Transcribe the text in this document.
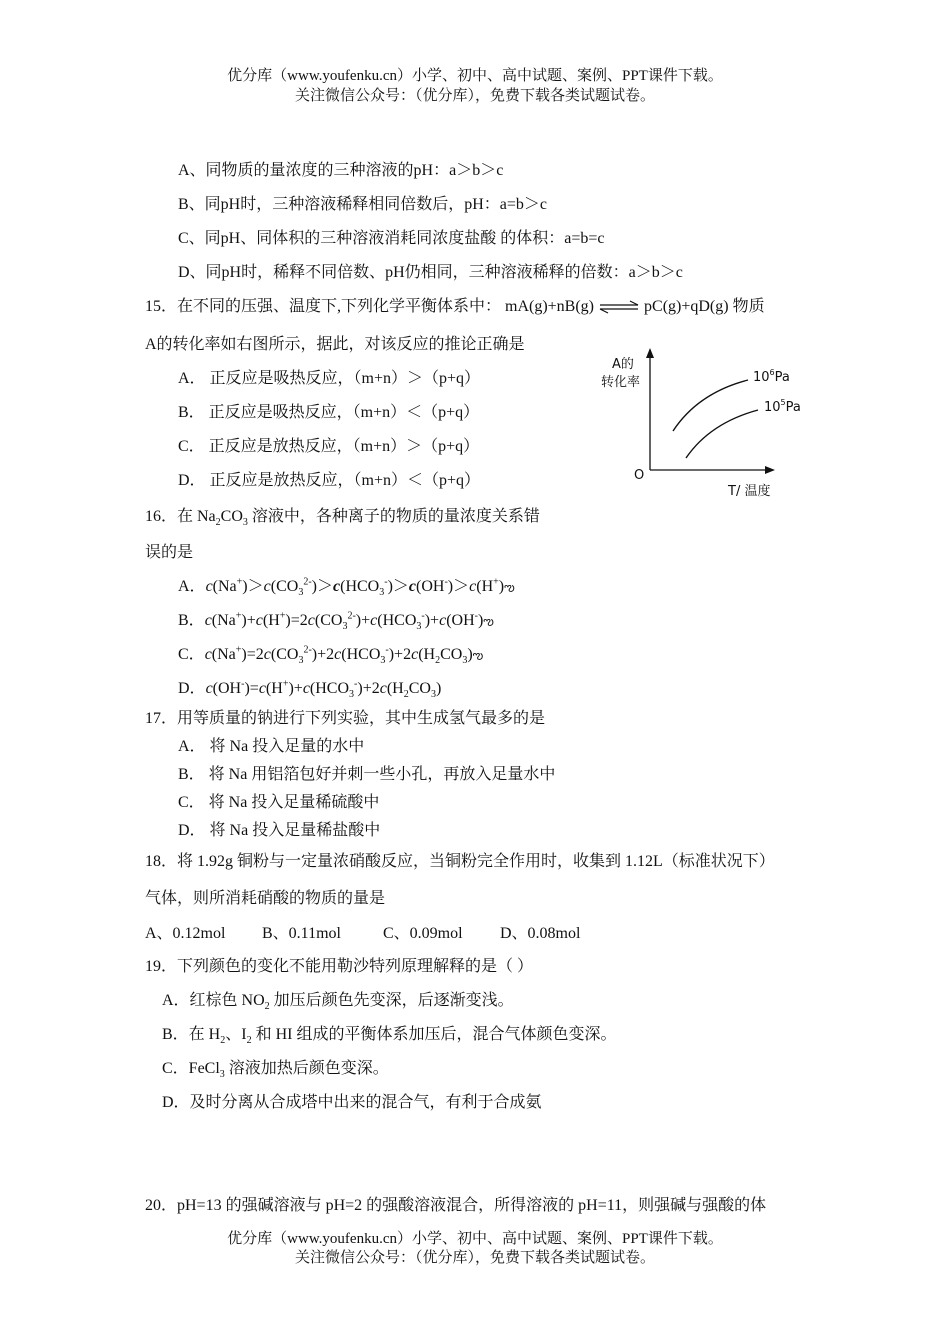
优分库（www.youfenku.cn）小学、初中、高中试题、案例、PPT课件下载。
关注微信公众号：（优分库），免费下载各类试题试卷。
A、同物质的量浓度的三种溶液的pH：a＞b＞c
B、同pH时，三种溶液稀释相同倍数后，pH：a=b＞c
C、同pH、同体积的三种溶液消耗同浓度盐酸 的体积：a=b=c
D、同pH时，稀释不同倍数、pH仍相同，三种溶液稀释的倍数：a＞b＞c
15．在不同的压强、温度下,下列化学平衡体系中： mA(g)+nB(g) ⇌ pC(g)+qD(g) 物质
A的转化率如右图所示，据此，对该反应的推论正确是
A． 正反应是吸热反应，（m+n）＞（p+q）
B． 正反应是吸热反应，（m+n）＜（p+q）
C． 正反应是放热反应，（m+n）＞（p+q）
D． 正反应是放热反应，（m+n）＜（p+q）
A的
转化率	$10^6Pa$
$10^5Pa$
O
T/ 温度
16．在 $Na_2CO_3$ 溶液中，各种离子的物质的量浓度关系错
误的是
A．$c(Na^+)>c(CO_3^{2-})>c(HCO_3^-)>c(OH^-)>c(H^+)ఌ$
B．$c(Na^+)+c(H^+)=2c(CO_3^{2-})+c(HCO_3^-)+c(OH^-)ఌ$
C．$c(Na^+)=2c(CO_3^{2-})+2c(HCO_3^-)+2c(H_2CO_3)ఌ$
D．$c(OH^-)=c(H^+)+c(HCO_3^-)+2c(H_2CO_3)$
17．用等质量的钠进行下列实验，其中生成氢气最多的是
A． 将 Na 投入足量的水中
B． 将 Na 用铝箔包好并刺一些小孔，再放入足量水中
C． 将 Na 投入足量稀硫酸中
D． 将 Na 投入足量稀盐酸中
18．将 1.92g 铜粉与一定量浓硝酸反应，当铜粉完全作用时，收集到 1.12L（标准状况下）
气体，则所消耗硝酸的物质的量是
A、0.12mol B、0.11mol	C、0.09mol D、0.08mol
19．下列颜色的变化不能用勒沙特列原理解释的是（ ）
A．红棕色 $NO_2$ 加压后颜色先变深，后逐渐变浅。
B．在 $H_2$、$I_2$ 和 HI 组成的平衡体系加压后，混合气体颜色变深。
C．FeCl$_3$ 溶液加热后颜色变深。
D．及时分离从合成塔中出来的混合气，有利于合成氨
20．pH=13 的强碱溶液与 pH=2 的强酸溶液混合，所得溶液的 pH=11，则强碱与强酸的体
优分库（www.youfenku.cn）小学、初中、高中试题、案例、PPT课件下载。
关注微信公众号：（优分库），免费下载各类试题试卷。
